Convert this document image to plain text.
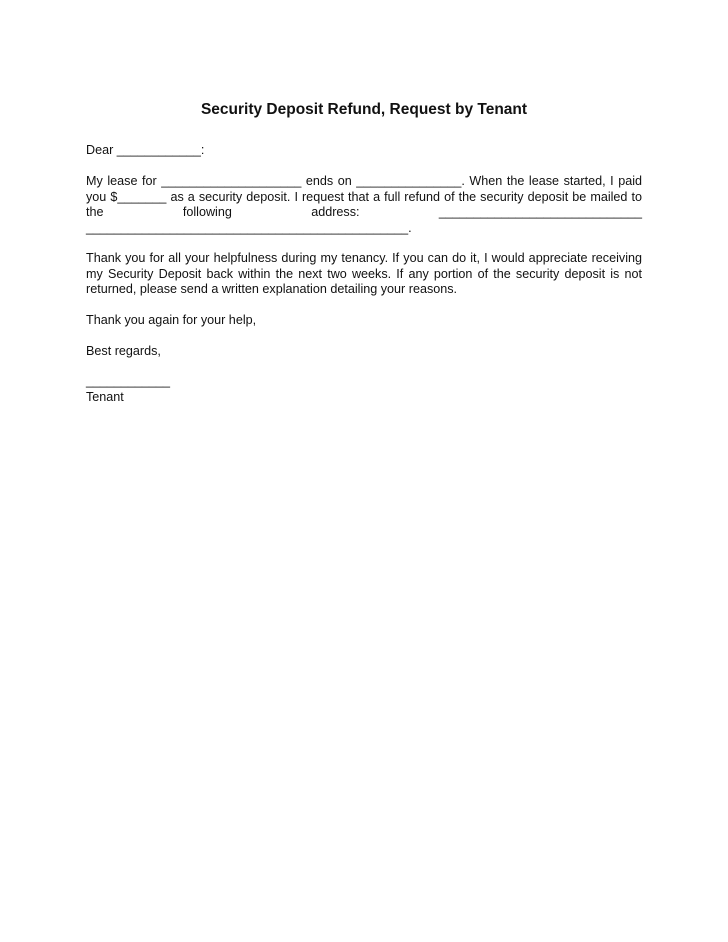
Security Deposit Refund, Request by Tenant

Dear ____________:

My lease for ____________________ ends on _______________. When the lease started, I paid you $_______ as a security deposit. I request that a full refund of the security deposit be mailed to the following address: _____________________________ ______________________________________________.

Thank you for all your helpfulness during my tenancy. If you can do it, I would appreciate receiving my Security Deposit back within the next two weeks. If any portion of the security deposit is not returned, please send a written explanation detailing your reasons.

Thank you again for your help,

Best regards,

____________
Tenant
